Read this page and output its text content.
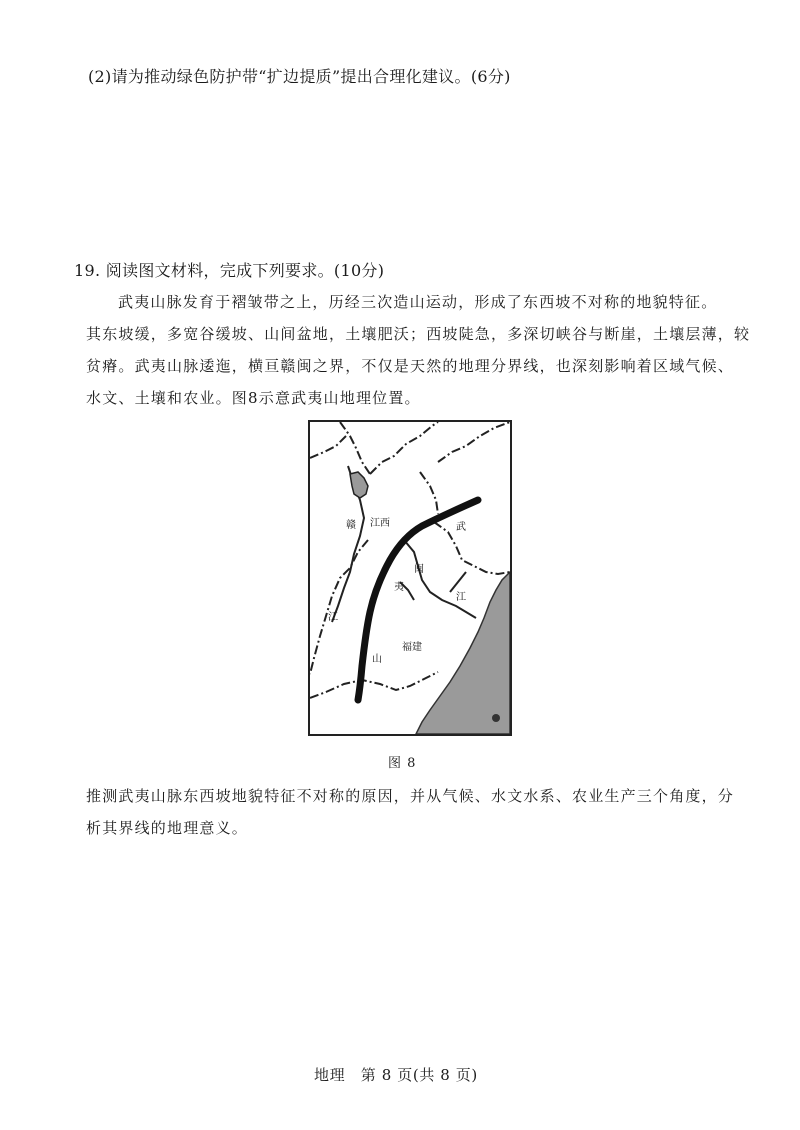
(2)请为推动绿色防护带“扩边提质”提出合理化建议。(6分)
19. 阅读图文材料，完成下列要求。(10分)
武夷山脉发育于褶皱带之上，历经三次造山运动，形成了东西坡不对称的地貌特征。
其东坡缓，多宽谷缓坡、山间盆地，土壤肥沃；西坡陡急，多深切峡谷与断崖，土壤层薄，较
贫瘠。武夷山脉逶迤，横亘赣闽之界，不仅是天然的地理分界线，也深刻影响着区域气候、
水文、土壤和农业。图8示意武夷山地理位置。
赣 江西	武
闽
夷
江
江
福建
山
图 8
推测武夷山脉东西坡地貌特征不对称的原因，并从气候、水文水系、农业生产三个角度，分
析其界线的地理意义。
地理　第 8 页(共 8 页)
